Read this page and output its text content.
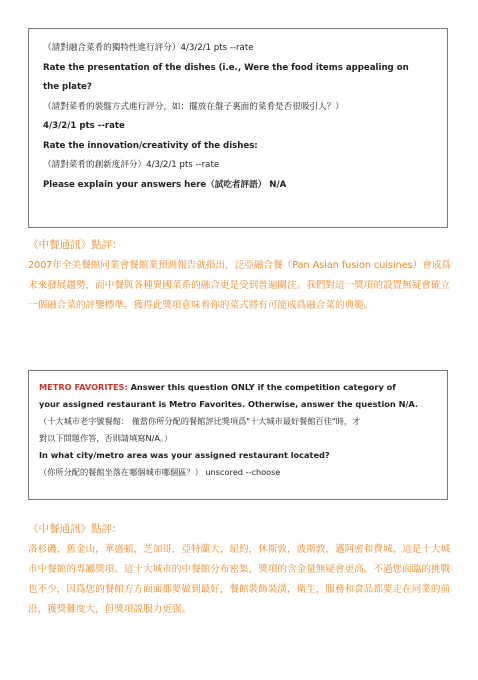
（請對融合菜肴的獨特性進行評分）4/3/2/1 pts --rate
Rate the presentation of the dishes (i.e., Were the food items appealing on
the plate?
（請對菜肴的裝盤方式進行評分，如：擺放在盤子裏面的菜肴是否很吸引人？）
4/3/2/1 pts --rate
Rate the innovation/creativity of the dishes:
（請對菜肴的創新度評分）4/3/2/1 pts --rate
Please explain your answers here（試吃者評語） N/A
《中餐通訊》點評：
2007年全美餐館同業會餐館業預測報告就指出，泛亞融合餐（Pan Asian fusion cuisines）會成爲未來發展趨勢，而中餐與各種異國菜系的融合更是受到普遍關注。我們對這一獎項的設置無疑會確立一個融合菜的評鑒標準。獲得此獎項意味着你的菜式將有可能成爲融合菜的典範。
METRO FAVORITES: Answer this question ONLY if the competition category of
your assigned restaurant is Metro Favorites. Otherwise, answer the question N/A.
（十大城市老字號餐館： 僅當你所分配的餐館評比獎項爲"十大城市最好餐館百佳"時，才
對以下問題作答，否則請填寫N/A。）
In what city/metro area was your assigned restaurant located?
（你所分配的餐館坐落在哪個城市哪個區？） unscored --choose
《中餐通訊》點評:
洛杉磯，舊金山，華盛頓，芝加哥，亞特蘭大，紐約，休斯敦，波斯敦，邁阿密和費城，這是十大城市中餐館的專屬獎項。這十大城市的中餐館分布密集，獎項的含金量無疑會更高。不過您面臨的挑戰也不少，因爲您的餐館方方面面都要做到最好，餐館裝飾裝潢，衛生，服務和食品都要走在同業的前沿，獲獎難度大，但獎項説服力更强。
